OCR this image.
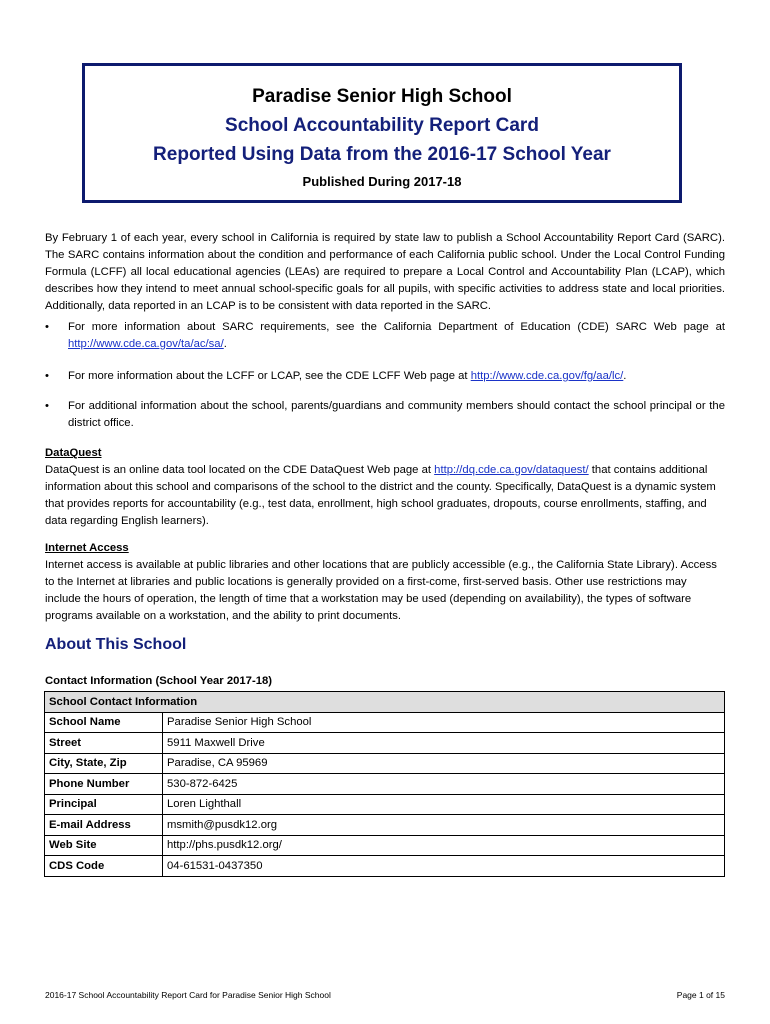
Paradise Senior High School
School Accountability Report Card
Reported Using Data from the 2016-17 School Year
Published During 2017-18
By February 1 of each year, every school in California is required by state law to publish a School Accountability Report Card (SARC). The SARC contains information about the condition and performance of each California public school. Under the Local Control Funding Formula (LCFF) all local educational agencies (LEAs) are required to prepare a Local Control and Accountability Plan (LCAP), which describes how they intend to meet annual school-specific goals for all pupils, with specific activities to address state and local priorities. Additionally, data reported in an LCAP is to be consistent with data reported in the SARC.
• For more information about SARC requirements, see the California Department of Education (CDE) SARC Web page at http://www.cde.ca.gov/ta/ac/sa/.
• For more information about the LCFF or LCAP, see the CDE LCFF Web page at http://www.cde.ca.gov/fg/aa/lc/.
• For additional information about the school, parents/guardians and community members should contact the school principal or the district office.
DataQuest
DataQuest is an online data tool located on the CDE DataQuest Web page at http://dq.cde.ca.gov/dataquest/ that contains additional information about this school and comparisons of the school to the district and the county. Specifically, DataQuest is a dynamic system that provides reports for accountability (e.g., test data, enrollment, high school graduates, dropouts, course enrollments, staffing, and data regarding English learners).
Internet Access
Internet access is available at public libraries and other locations that are publicly accessible (e.g., the California State Library). Access to the Internet at libraries and public locations is generally provided on a first-come, first-served basis. Other use restrictions may include the hours of operation, the length of time that a workstation may be used (depending on availability), the types of software programs available on a workstation, and the ability to print documents.
About This School
Contact Information (School Year 2017-18)
School Contact Information	
School Name	Paradise Senior High School
Street	5911 Maxwell Drive
City, State, Zip	Paradise, CA 95969
Phone Number	530-872-6425
Principal	Loren Lighthall
E-mail Address	msmith@pusdk12.org
Web Site	http://phs.pusdk12.org/
CDS Code	04-61531-0437350
2016-17 School Accountability Report Card for Paradise Senior High School	Page 1 of 15
